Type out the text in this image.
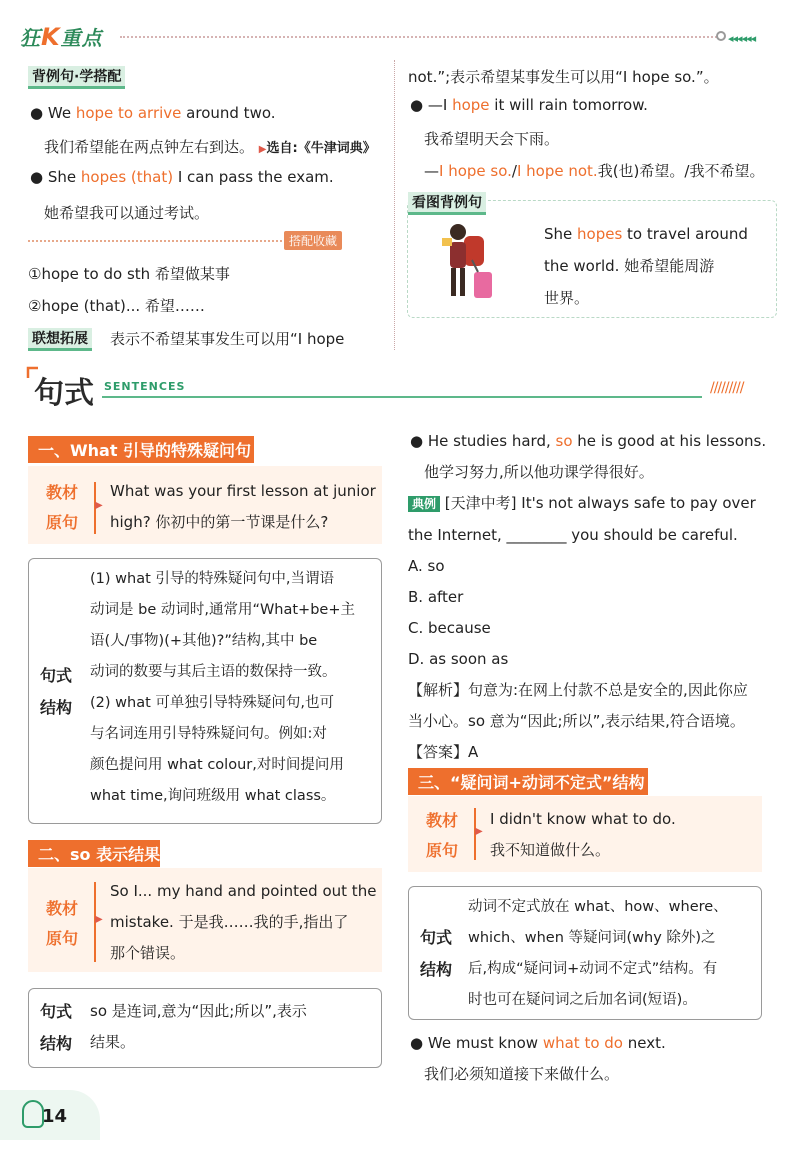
狂K重点	◂◂◂◂◂◂
背例句·学搭配
● We hope to arrive around two.
我们希望能在两点钟左右到达。 ▶选自:《牛津词典》
● She hopes (that) I can pass the exam.
她希望我可以通过考试。
搭配收藏
①hope to do sth 希望做某事
②hope (that)... 希望……
联想拓展 表示不希望某事发生可以用“I hope
not.”;表示希望某事发生可以用“I hope so.”。
● —I hope it will rain tomorrow.
我希望明天会下雨。
—I hope so./I hope not.我(也)希望。/我不希望。
看图背例句
She hopes to travel around
the world. 她希望能周游
世界。
句式 SENTENCES	/////////
一、What 引导的特殊疑问句
教材
原句
▶
What was your first lesson at junior
high? 你初中的第一节课是什么?
句式
结构
(1) what 引导的特殊疑问句中,当谓语
动词是 be 动词时,通常用“What+be+主
语(人/事物)(+其他)?”结构,其中 be
动词的数要与其后主语的数保持一致。
(2) what 可单独引导特殊疑问句,也可
与名词连用引导特殊疑问句。例如:对
颜色提问用 what colour,对时间提问用
what time,询问班级用 what class。
二、so 表示结果
教材
原句
▶
So I... my hand and pointed out the
mistake. 于是我……我的手,指出了
那个错误。
句式
结构
so 是连词,意为“因此;所以”,表示
结果。
● He studies hard, so he is good at his lessons.
他学习努力,所以他功课学得很好。
典例 [天津中考] It's not always safe to pay over
the Internet, ________ you should be careful.
A. so
B. after
C. because
D. as soon as
【解析】句意为:在网上付款不总是安全的,因此你应
当小心。so 意为“因此;所以”,表示结果,符合语境。
【答案】A
三、“疑问词+动词不定式”结构
教材
原句
▶
I didn't know what to do.
我不知道做什么。
句式
结构
动词不定式放在 what、how、where、
which、when 等疑问词(why 除外)之
后,构成“疑问词+动词不定式”结构。有
时也可在疑问词之后加名词(短语)。
● We must know what to do next.
我们必须知道接下来做什么。
14
